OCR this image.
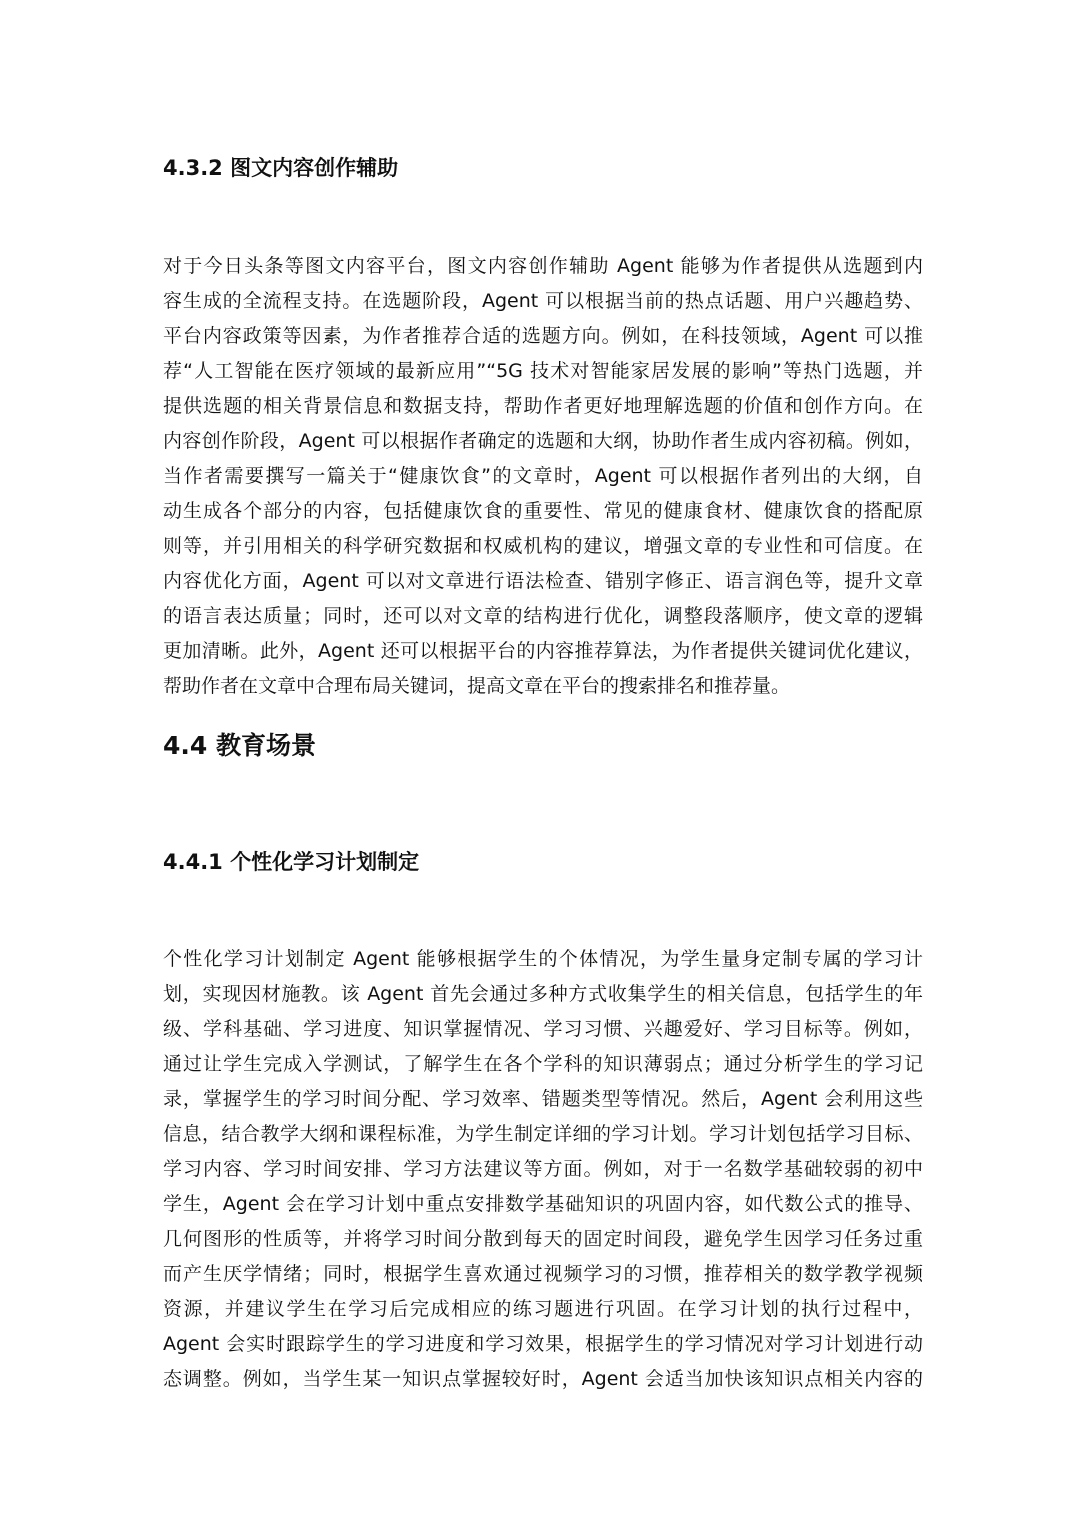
4.3.2 图文内容创作辅助
对于今日头条等图文内容平台，图文内容创作辅助 Agent 能够为作者提供从选题到内
容生成的全流程支持。在选题阶段，Agent 可以根据当前的热点话题、用户兴趣趋势、
平台内容政策等因素，为作者推荐合适的选题方向。例如，在科技领域，Agent 可以推
荐“人工智能在医疗领域的最新应用”“5G 技术对智能家居发展的影响”等热门选题，并
提供选题的相关背景信息和数据支持，帮助作者更好地理解选题的价值和创作方向。在
内容创作阶段，Agent 可以根据作者确定的选题和大纲，协助作者生成内容初稿。例如，
当作者需要撰写一篇关于“健康饮食”的文章时，Agent 可以根据作者列出的大纲，自
动生成各个部分的内容，包括健康饮食的重要性、常见的健康食材、健康饮食的搭配原
则等，并引用相关的科学研究数据和权威机构的建议，增强文章的专业性和可信度。在
内容优化方面，Agent 可以对文章进行语法检查、错别字修正、语言润色等，提升文章
的语言表达质量；同时，还可以对文章的结构进行优化，调整段落顺序，使文章的逻辑
更加清晰。此外，Agent 还可以根据平台的内容推荐算法，为作者提供关键词优化建议，
帮助作者在文章中合理布局关键词，提高文章在平台的搜索排名和推荐量。
4.4 教育场景
4.4.1 个性化学习计划制定
个性化学习计划制定 Agent 能够根据学生的个体情况，为学生量身定制专属的学习计
划，实现因材施教。该 Agent 首先会通过多种方式收集学生的相关信息，包括学生的年
级、学科基础、学习进度、知识掌握情况、学习习惯、兴趣爱好、学习目标等。例如，
通过让学生完成入学测试，了解学生在各个学科的知识薄弱点；通过分析学生的学习记
录，掌握学生的学习时间分配、学习效率、错题类型等情况。然后，Agent 会利用这些
信息，结合教学大纲和课程标准，为学生制定详细的学习计划。学习计划包括学习目标、
学习内容、学习时间安排、学习方法建议等方面。例如，对于一名数学基础较弱的初中
学生，Agent 会在学习计划中重点安排数学基础知识的巩固内容，如代数公式的推导、
几何图形的性质等，并将学习时间分散到每天的固定时间段，避免学生因学习任务过重
而产生厌学情绪；同时，根据学生喜欢通过视频学习的习惯，推荐相关的数学教学视频
资源，并建议学生在学习后完成相应的练习题进行巩固。在学习计划的执行过程中，
Agent 会实时跟踪学生的学习进度和学习效果，根据学生的学习情况对学习计划进行动
态调整。例如，当学生某一知识点掌握较好时，Agent 会适当加快该知识点相关内容的
